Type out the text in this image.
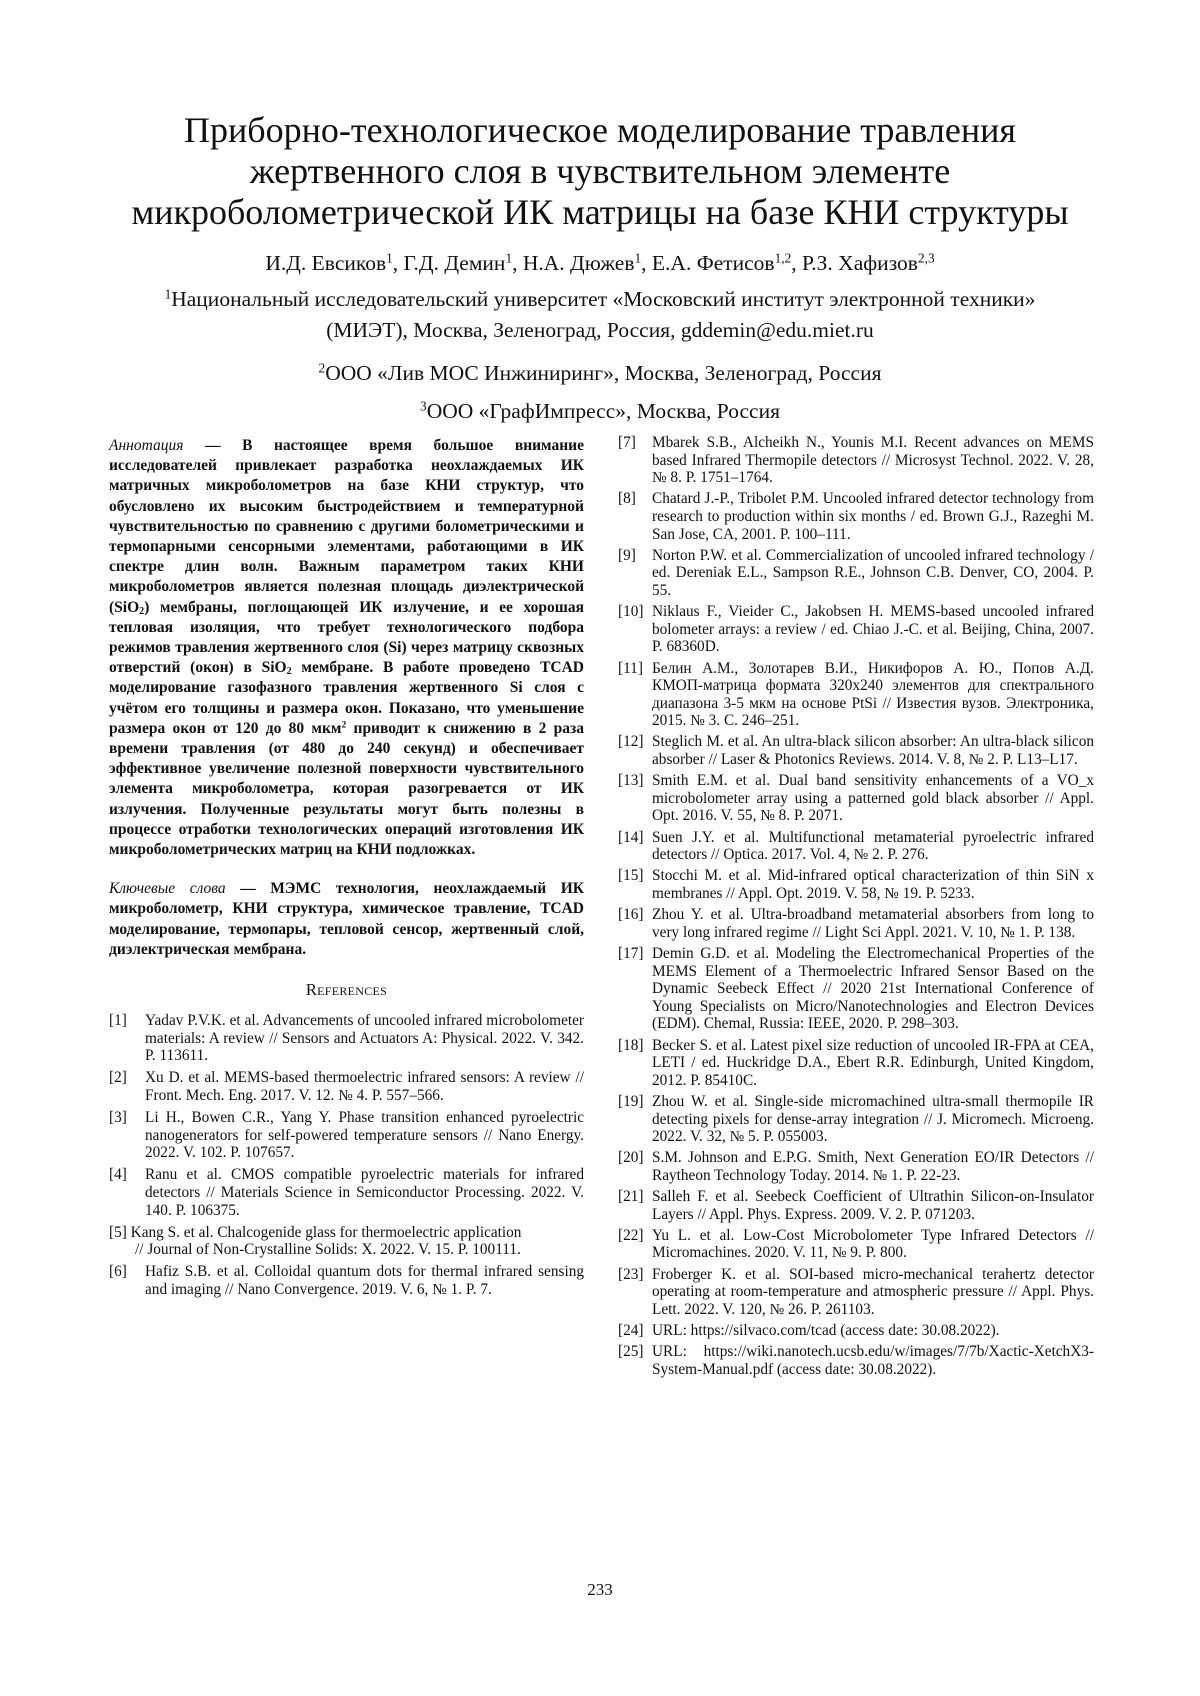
Приборно-технологическое моделирование травления
жертвенного слоя в чувствительном элементе
микроболометрической ИК матрицы на базе КНИ структуры
И.Д. Евсиков1, Г.Д. Демин1, Н.А. Дюжев1, Е.А. Фетисов1,2, Р.З. Хафизов2,3
1Национальный исследовательский университет «Московский институт электронной техники»
(МИЭТ), Москва, Зеленоград, Россия, gddemin@edu.miet.ru
2ООО «Лив МОС Инжиниринг», Москва, Зеленоград, Россия
3ООО «ГрафИмпресс», Москва, Россия

Аннотация — В настоящее время большое внимание исследователей привлекает разработка неохлаждаемых ИК матричных микроболометров на базе КНИ структур, что обусловлено их высоким быстродействием и температурной чувствительностью по сравнению с другими болометрическими и термопарными сенсорными элементами, работающими в ИК спектре длин волн. Важным параметром таких КНИ микроболометров является полезная площадь диэлектрической (SiO2) мембраны, поглощающей ИК излучение, и ее хорошая тепловая изоляция, что требует технологического подбора режимов травления жертвенного слоя (Si) через матрицу сквозных отверстий (окон) в SiO2 мембране. В работе проведено TCAD моделирование газофазного травления жертвенного Si слоя с учётом его толщины и размера окон. Показано, что уменьшение размера окон от 120 до 80 мкм2 приводит к снижению в 2 раза времени травления (от 480 до 240 секунд) и обеспечивает эффективное увеличение полезной поверхности чувствительного элемента микроболометра, которая разогревается от ИК излучения. Полученные результаты могут быть полезны в процессе отработки технологических операций изготовления ИК микроболометрических матриц на КНИ подложках.

Ключевые слова — МЭМС технология, неохлаждаемый ИК микроболометр, КНИ структура, химическое травление, TCAD моделирование, термопары, тепловой сенсор, жертвенный слой, диэлектрическая мембрана.

References
[1]	Yadav P.V.K. et al. Advancements of uncooled infrared microbolometer materials: A review // Sensors and Actuators A: Physical. 2022. V. 342. P. 113611.
[2]	Xu D. et al. MEMS-based thermoelectric infrared sensors: A review // Front. Mech. Eng. 2017. V. 12. № 4. P. 557–566.
[3]	Li H., Bowen C.R., Yang Y. Phase transition enhanced pyroelectric nanogenerators for self-powered temperature sensors // Nano Energy. 2022. V. 102. P. 107657.
[4]	Ranu et al. CMOS compatible pyroelectric materials for infrared detectors // Materials Science in Semiconductor Processing. 2022. V. 140. P. 106375.
[5] Kang S. et al. Chalcogenide glass for thermoelectric application
// Journal of Non-Crystalline Solids: X. 2022. V. 15. P. 100111.
[6]	Hafiz S.B. et al. Colloidal quantum dots for thermal infrared sensing and imaging // Nano Convergence. 2019. V. 6, № 1. P. 7.
[7]	Mbarek S.B., Alcheikh N., Younis M.I. Recent advances on MEMS based Infrared Thermopile detectors // Microsyst Technol. 2022. V. 28, № 8. P. 1751–1764.
[8]	Chatard J.-P., Tribolet P.M. Uncooled infrared detector technology from research to production within six months / ed. Brown G.J., Razeghi M. San Jose, CA, 2001. P. 100–111.
[9]	Norton P.W. et al. Commercialization of uncooled infrared technology / ed. Dereniak E.L., Sampson R.E., Johnson C.B. Denver, CO, 2004. P. 55.
[10] Niklaus F., Vieider C., Jakobsen H. MEMS-based uncooled infrared bolometer arrays: a review / ed. Chiao J.-C. et al. Beijing, China, 2007. P. 68360D.
[11] Белин А.М., Золотарев В.И., Никифоров А. Ю., Попов А.Д. КМОП-матрица формата 320x240 элементов для спектрального диапазона 3-5 мкм на основе PtSi // Известия вузов. Электроника, 2015. № 3. С. 246–251.
[12] Steglich M. et al. An ultra-black silicon absorber: An ultra-black silicon absorber // Laser & Photonics Reviews. 2014. V. 8, № 2. P. L13–L17.
[13] Smith E.M. et al. Dual band sensitivity enhancements of a VO_x microbolometer array using a patterned gold black absorber // Appl. Opt. 2016. V. 55, № 8. P. 2071.
[14] Suen J.Y. et al. Multifunctional metamaterial pyroelectric infrared detectors // Optica. 2017. Vol. 4, № 2. P. 276.
[15] Stocchi M. et al. Mid-infrared optical characterization of thin SiN x membranes // Appl. Opt. 2019. V. 58, № 19. P. 5233.
[16] Zhou Y. et al. Ultra-broadband metamaterial absorbers from long to very long infrared regime // Light Sci Appl. 2021. V. 10, № 1. P. 138.
[17] Demin G.D. et al. Modeling the Electromechanical Properties of the MEMS Element of a Thermoelectric Infrared Sensor Based on the Dynamic Seebeck Effect // 2020 21st International Conference of Young Specialists on Micro/Nanotechnologies and Electron Devices (EDM). Chemal, Russia: IEEE, 2020. P. 298–303.
[18] Becker S. et al. Latest pixel size reduction of uncooled IR-FPA at CEA, LETI / ed. Huckridge D.A., Ebert R.R. Edinburgh, United Kingdom, 2012. P. 85410C.
[19] Zhou W. et al. Single-side micromachined ultra-small thermopile IR detecting pixels for dense-array integration // J. Micromech. Microeng. 2022. V. 32, № 5. P. 055003.
[20] S.M. Johnson and E.P.G. Smith, Next Generation EO/IR Detectors // Raytheon Technology Today. 2014. № 1. P. 22-23.
[21] Salleh F. et al. Seebeck Coefficient of Ultrathin Silicon-on-Insulator Layers // Appl. Phys. Express. 2009. V. 2. P. 071203.
[22] Yu L. et al. Low-Cost Microbolometer Type Infrared Detectors // Micromachines. 2020. V. 11, № 9. P. 800.
[23] Froberger K. et al. SOI-based micro-mechanical terahertz detector operating at room-temperature and atmospheric pressure // Appl. Phys. Lett. 2022. V. 120, № 26. P. 261103.
[24] URL: https://silvaco.com/tcad (access date: 30.08.2022).
[25] URL: https://wiki.nanotech.ucsb.edu/w/images/7/7b/Xactic-XetchX3-System-Manual.pdf (access date: 30.08.2022).
233
